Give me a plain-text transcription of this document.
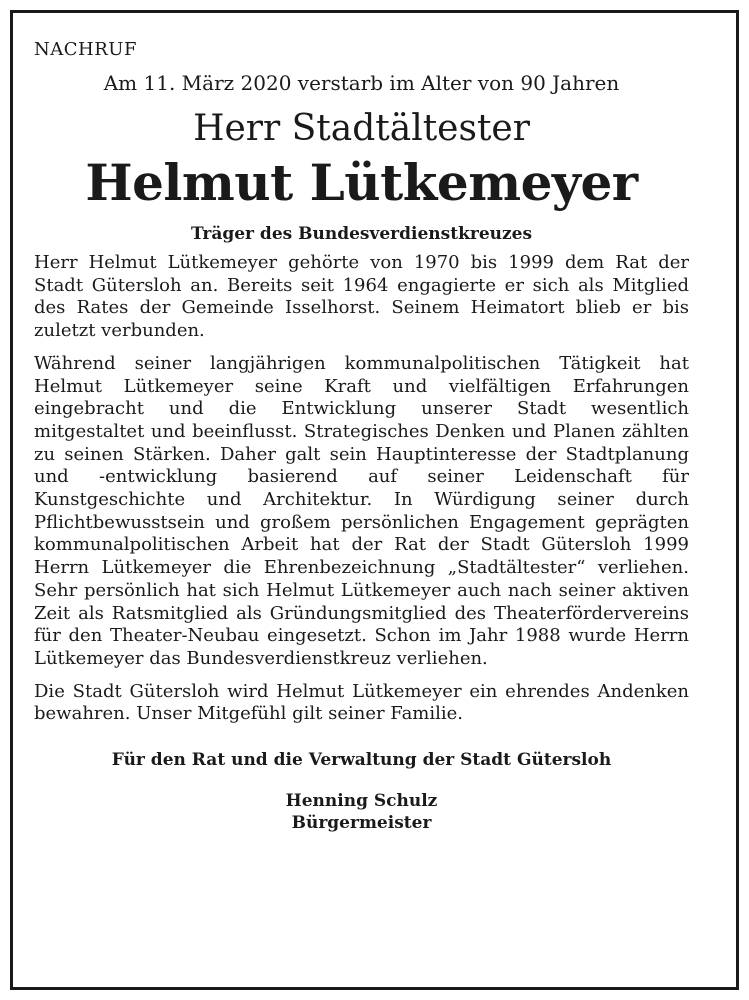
NACHRUF
Am 11. März 2020 verstarb im Alter von 90 Jahren
Herr Stadtältester
Helmut Lütkemeyer
Träger des Bundesverdienstkreuzes

Herr Helmut Lütkemeyer gehörte von 1970 bis 1999 dem Rat der Stadt Gütersloh an. Bereits seit 1964 engagierte er sich als Mitglied des Rates der Gemeinde Isselhorst. Seinem Heimatort blieb er bis zuletzt verbunden.

Während seiner langjährigen kommunalpolitischen Tätigkeit hat Helmut Lütkemeyer seine Kraft und vielfältigen Erfahrungen eingebracht und die Entwicklung unserer Stadt wesentlich mitgestaltet und beeinflusst. Strategisches Denken und Planen zählten zu seinen Stärken. Daher galt sein Hauptinteresse der Stadtplanung und -entwicklung basierend auf seiner Leidenschaft für Kunstgeschichte und Architektur. In Würdigung seiner durch Pflichtbewusstsein und großem persönlichen Engagement geprägten kommunalpolitischen Arbeit hat der Rat der Stadt Gütersloh 1999 Herrn Lütkemeyer die Ehrenbezeichnung „Stadtältester“ verliehen. Sehr persönlich hat sich Helmut Lütkemeyer auch nach seiner aktiven Zeit als Ratsmitglied als Gründungsmitglied des Theaterfördervereins für den Theater-Neubau eingesetzt. Schon im Jahr 1988 wurde Herrn Lütkemeyer das Bundesverdienstkreuz verliehen.

Die Stadt Gütersloh wird Helmut Lütkemeyer ein ehrendes Andenken bewahren. Unser Mitgefühl gilt seiner Familie.

Für den Rat und die Verwaltung der Stadt Gütersloh
Henning Schulz
Bürgermeister
